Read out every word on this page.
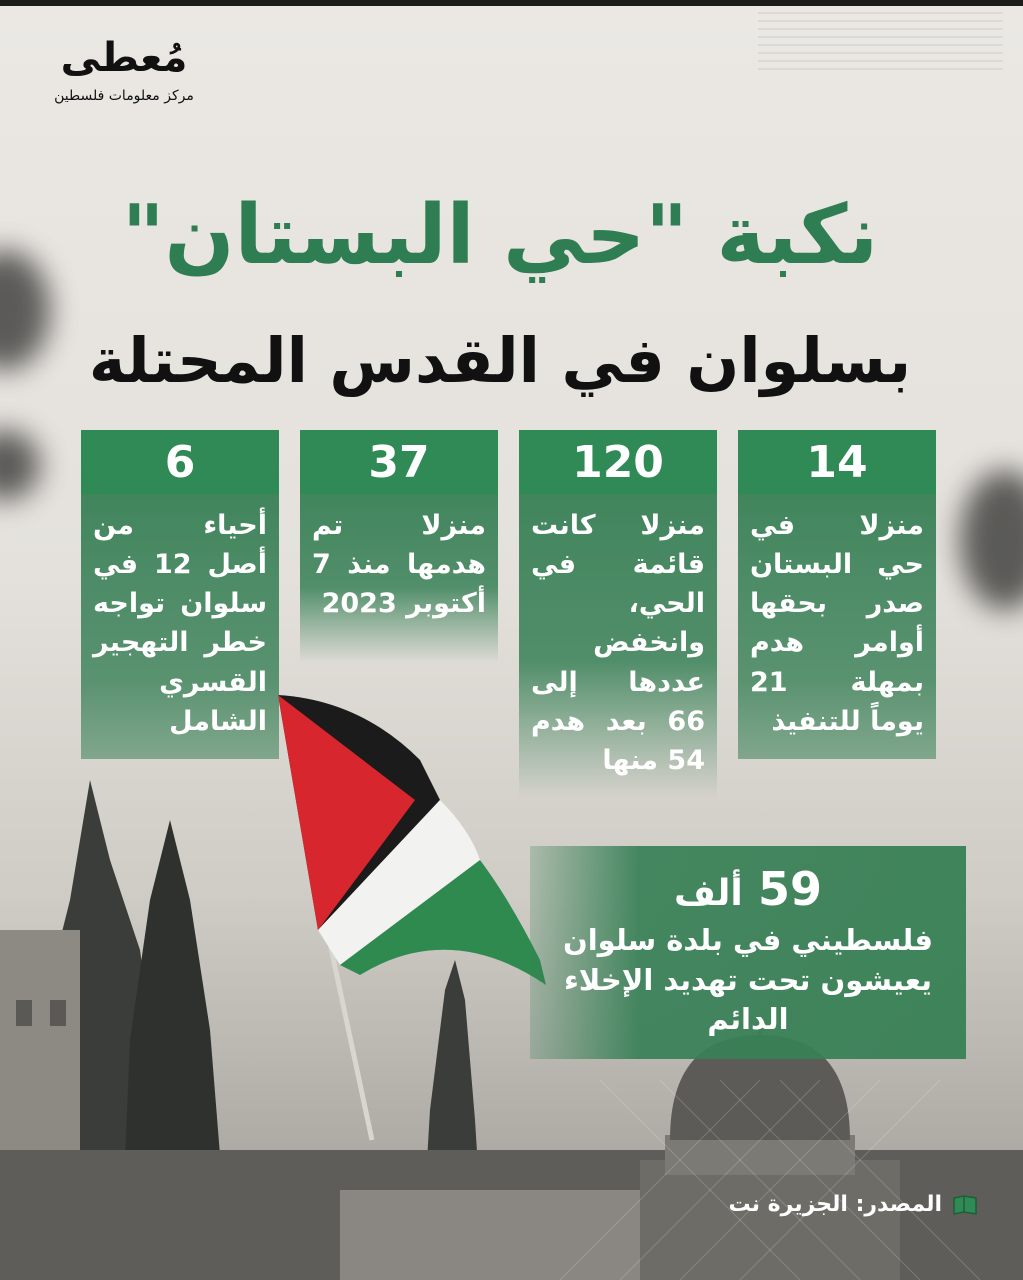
مُعطى
مركز معلومات فلسطين
نكبة "حي البستان"
بسلوان في القدس المحتلة
14
منزلا في حي البستان صدر بحقها أوامر هدم بمهلة 21 يوماً للتنفيذ
120
منزلا كانت قائمة في الحي، وانخفض عددها إلى 66 بعد هدم 54 منها
37
منزلا تم هدمها منذ 7 أكتوبر 2023
6
أحياء من أصل 12 في سلوان تواجه خطر التهجير القسري الشامل
59 ألف
فلسطيني في بلدة سلوان يعيشون تحت تهديد الإخلاء الدائم
المصدر: الجزيرة نت
